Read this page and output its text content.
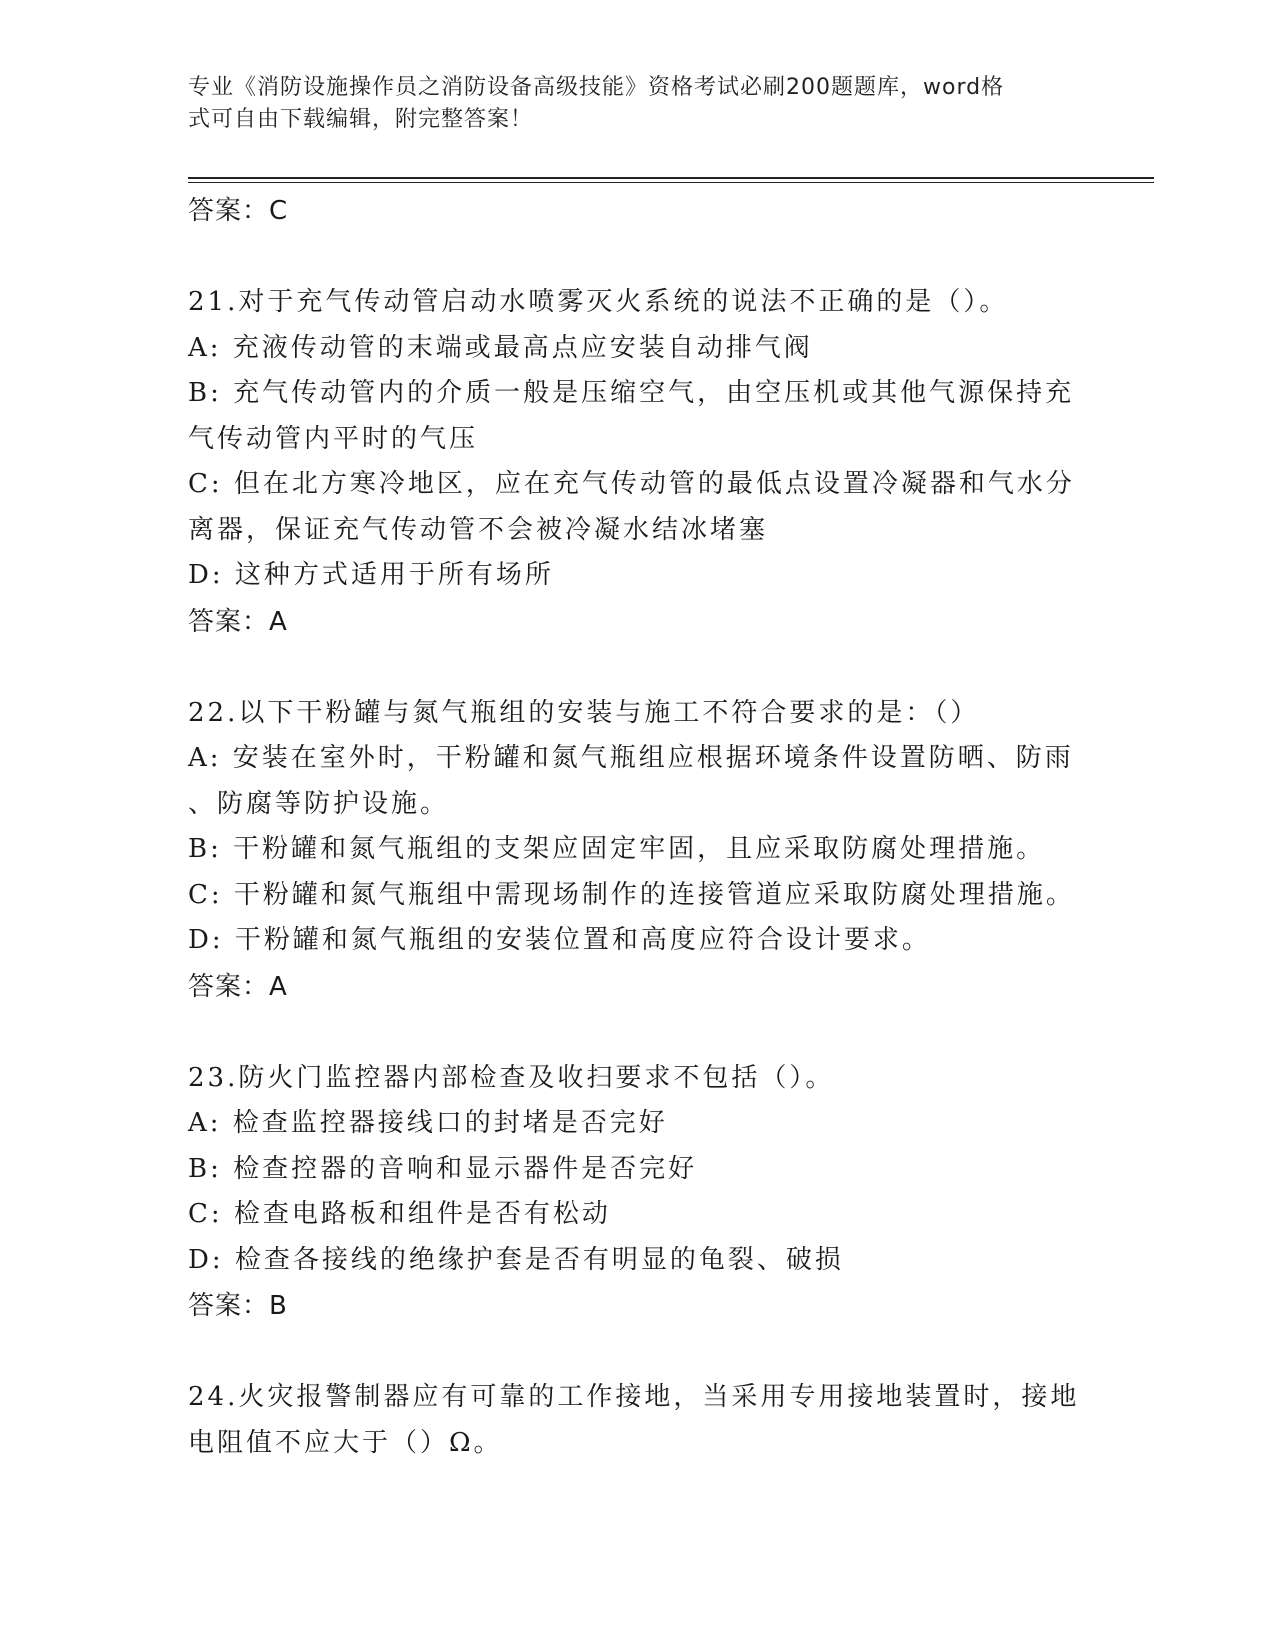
专业《消防设施操作员之消防设备高级技能》资格考试必刷200题题库，word格
式可自由下载编辑，附完整答案！
答案：C
21.对于充气传动管启动水喷雾灭火系统的说法不正确的是（）。
A: 充液传动管的末端或最高点应安装自动排气阀
B: 充气传动管内的介质一般是压缩空气，由空压机或其他气源保持充
气传动管内平时的气压
C: 但在北方寒冷地区，应在充气传动管的最低点设置冷凝器和气水分
离器，保证充气传动管不会被冷凝水结冰堵塞
D: 这种方式适用于所有场所
答案：A
22.以下干粉罐与氮气瓶组的安装与施工不符合要求的是：（）
A: 安装在室外时，干粉罐和氮气瓶组应根据环境条件设置防晒、防雨
、防腐等防护设施。
B: 干粉罐和氮气瓶组的支架应固定牢固，且应采取防腐处理措施。
C: 干粉罐和氮气瓶组中需现场制作的连接管道应采取防腐处理措施。
D: 干粉罐和氮气瓶组的安装位置和高度应符合设计要求。
答案：A
23.防火门监控器内部检查及收扫要求不包括（）。
A: 检查监控器接线口的封堵是否完好
B: 检查控器的音响和显示器件是否完好
C: 检查电路板和组件是否有松动
D: 检查各接线的绝缘护套是否有明显的龟裂、破损
答案：B
24.火灾报警制器应有可靠的工作接地，当采用专用接地装置时，接地
电阻值不应大于（）Ω。
